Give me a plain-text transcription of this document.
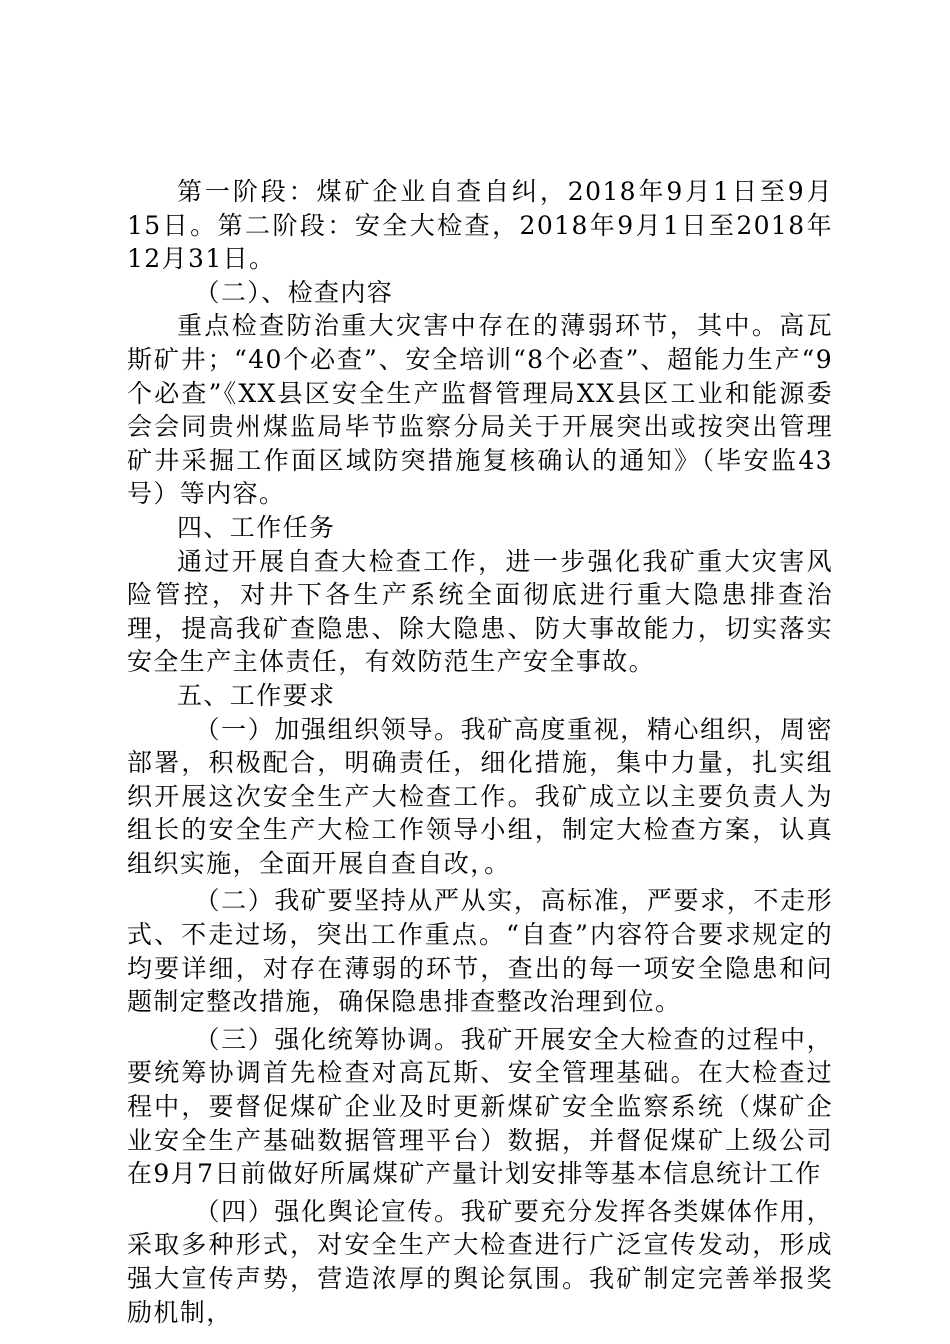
第一阶段：煤矿企业自查自纠，2018年9月1日至9月15日。第二阶段：安全大检查，2018年9月1日至2018年12月31日。

（二）、检查内容

重点检查防治重大灾害中存在的薄弱环节，其中。高瓦斯矿井；“40个必查”、安全培训“8个必查”、超能力生产“9个必查”《XX县区安全生产监督管理局XX县区工业和能源委会会同贵州煤监局毕节监察分局关于开展突出或按突出管理矿井采掘工作面区域防突措施复核确认的通知》（毕安监43号）等内容。

四、工作任务

通过开展自查大检查工作，进一步强化我矿重大灾害风险管控，对井下各生产系统全面彻底进行重大隐患排查治理，提高我矿查隐患、除大隐患、防大事故能力，切实落实安全生产主体责任，有效防范生产安全事故。

五、工作要求

（一）加强组织领导。我矿高度重视，精心组织，周密部署，积极配合，明确责任，细化措施，集中力量，扎实组织开展这次安全生产大检查工作。我矿成立以主要负责人为组长的安全生产大检工作领导小组，制定大检查方案，认真组织实施，全面开展自查自改，。

（二）我矿要坚持从严从实，高标准，严要求，不走形式、不走过场，突出工作重点。“自查”内容符合要求规定的均要详细，对存在薄弱的环节，查出的每一项安全隐患和问题制定整改措施，确保隐患排查整改治理到位。

（三）强化统筹协调。我矿开展安全大检查的过程中，要统筹协调首先检查对高瓦斯、安全管理基础。在大检查过程中，要督促煤矿企业及时更新煤矿安全监察系统（煤矿企业安全生产基础数据管理平台）数据，并督促煤矿上级公司在9月7日前做好所属煤矿产量计划安排等基本信息统计工作

（四）强化舆论宣传。我矿要充分发挥各类媒体作用，采取多种形式，对安全生产大检查进行广泛宣传发动，形成强大宣传声势，营造浓厚的舆论氛围。我矿制定完善举报奖励机制，
